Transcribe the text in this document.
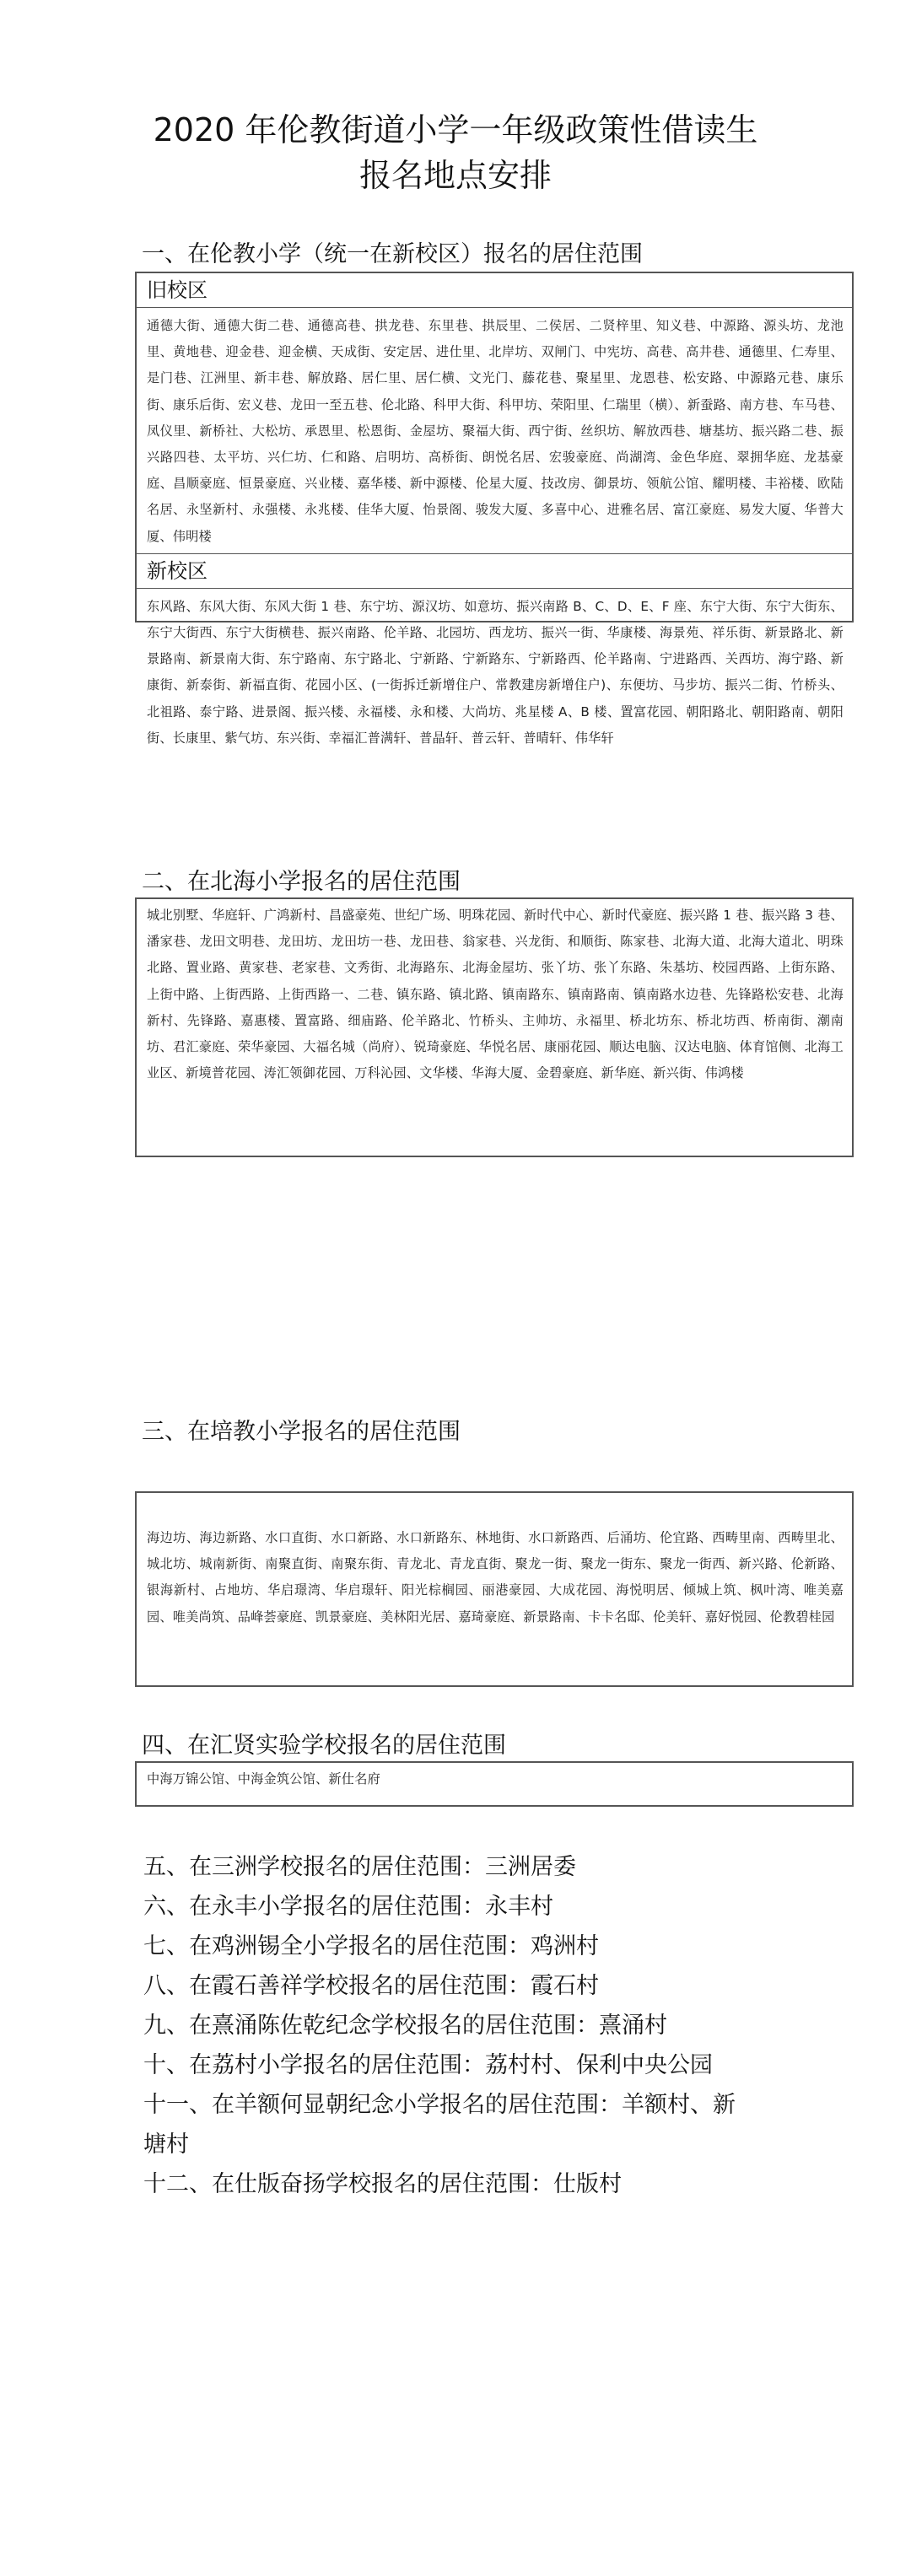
2020 年伦教街道小学一年级政策性借读生
报名地点安排
一、在伦教小学（统一在新校区）报名的居住范围
旧校区
通德大街、通德大街二巷、通德高巷、拱龙巷、东里巷、拱辰里、二侯居、二贤梓里、知义巷、中源路、源头坊、龙池里、黄地巷、迎金巷、迎金横、天成街、安定居、进仕里、北岸坊、双闸门、中宪坊、高巷、高井巷、通德里、仁寿里、是门巷、江洲里、新丰巷、解放路、居仁里、居仁横、文光门、藤花巷、聚星里、龙恩巷、松安路、中源路元巷、康乐街、康乐后街、宏义巷、龙田一至五巷、伦北路、科甲大街、科甲坊、荣阳里、仁瑞里（横）、新蚕路、南方巷、车马巷、凤仪里、新桥社、大松坊、承恩里、松恩街、金屋坊、聚福大街、西宁街、丝织坊、解放西巷、塘基坊、振兴路二巷、振兴路四巷、太平坊、兴仁坊、仁和路、启明坊、高桥街、朗悦名居、宏骏豪庭、尚湖湾、金色华庭、翠拥华庭、龙基豪庭、昌顺豪庭、恒景豪庭、兴业楼、嘉华楼、新中源楼、伦星大厦、技改房、御景坊、领航公馆、耀明楼、丰裕楼、欧陆名居、永坚新村、永强楼、永兆楼、佳华大厦、怡景阁、骏发大厦、多喜中心、进雅名居、富江豪庭、易发大厦、华普大厦、伟明楼
新校区
东风路、东风大街、东风大街 1 巷、东宁坊、源汉坊、如意坊、振兴南路 B、C、D、E、F 座、东宁大街、东宁大街东、东宁大街西、东宁大街横巷、振兴南路、伦羊路、北园坊、西龙坊、振兴一街、华康楼、海景苑、祥乐街、新景路北、新景路南、新景南大街、东宁路南、东宁路北、宁新路、宁新路东、宁新路西、伦羊路南、宁进路西、关西坊、海宁路、新康街、新泰街、新福直街、花园小区、(一街拆迁新增住户、常教建房新增住户)、东便坊、马步坊、振兴二街、竹桥头、北祖路、泰宁路、进景阁、振兴楼、永福楼、永和楼、大尚坊、兆星楼 A、B 楼、置富花园、朝阳路北、朝阳路南、朝阳街、长康里、紫气坊、东兴街、幸福汇普满轩、普晶轩、普云轩、普晴轩、伟华轩
二、在北海小学报名的居住范围
城北别墅、华庭轩、广鸿新村、昌盛豪苑、世纪广场、明珠花园、新时代中心、新时代豪庭、振兴路 1 巷、振兴路 3 巷、潘家巷、龙田文明巷、龙田坊、龙田坊一巷、龙田巷、翁家巷、兴龙街、和顺街、陈家巷、北海大道、北海大道北、明珠北路、置业路、黄家巷、老家巷、文秀街、北海路东、北海金屋坊、张丫坊、张丫东路、朱基坊、校园西路、上街东路、上街中路、上街西路、上街西路一、二巷、镇东路、镇北路、镇南路东、镇南路南、镇南路水边巷、先锋路松安巷、北海新村、先锋路、嘉惠楼、置富路、细庙路、伦羊路北、竹桥头、主帅坊、永福里、桥北坊东、桥北坊西、桥南街、潮南坊、君汇豪庭、荣华豪园、大福名城（尚府）、锐琦豪庭、华悦名居、康丽花园、顺达电脑、汉达电脑、体育馆侧、北海工业区、新境普花园、涛汇领御花园、万科沁园、文华楼、华海大厦、金碧豪庭、新华庭、新兴街、伟鸿楼
三、在培教小学报名的居住范围
海边坊、海边新路、水口直街、水口新路、水口新路东、林地街、水口新路西、后涌坊、伦宜路、西畴里南、西畴里北、城北坊、城南新街、南聚直街、南聚东街、青龙北、青龙直街、聚龙一街、聚龙一街东、聚龙一街西、新兴路、伦新路、银海新村、占地坊、华启璟湾、华启璟轩、阳光棕榈园、丽港豪园、大成花园、海悦明居、倾城上筑、枫叶湾、唯美嘉园、唯美尚筑、品峰荟豪庭、凯景豪庭、美林阳光居、嘉琦豪庭、新景路南、卡卡名邸、伦美轩、嘉好悦园、伦教碧桂园
四、在汇贤实验学校报名的居住范围
中海万锦公馆、中海金筑公馆、新仕名府
五、在三洲学校报名的居住范围：三洲居委
六、在永丰小学报名的居住范围：永丰村
七、在鸡洲锡全小学报名的居住范围：鸡洲村
八、在霞石善祥学校报名的居住范围：霞石村
九、在熹涌陈佐乾纪念学校报名的居住范围：熹涌村
十、在荔村小学报名的居住范围：荔村村、保利中央公园
十一、在羊额何显朝纪念小学报名的居住范围：羊额村、新
塘村
十二、在仕版奋扬学校报名的居住范围：仕版村
